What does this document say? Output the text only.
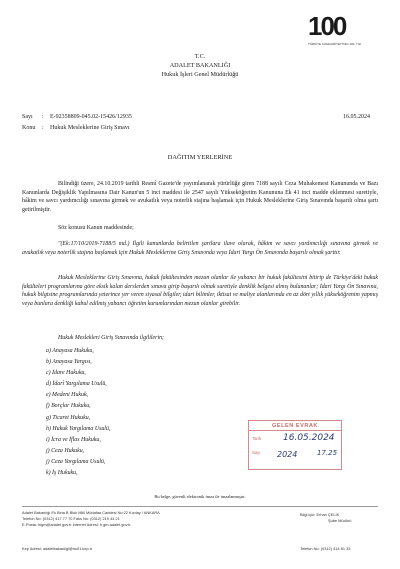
100
TÜRKİYE CUMHURİYETİ'NİN 100. YILI
T.C.
ADALET BAKANLIĞI
Hukuk İşleri Genel Müdürlüğü
Sayı : E-92358809-045.02-15426/12935
Konu : Hukuk Mesleklerine Giriş Sınavı
16.05.2024
DAĞITIM YERLERİNE
Bilindiği üzere, 24.10.2019 tarihli Resmî Gazete'de yayımlanarak yürürlüğe giren 7188 sayılı Ceza Muhakemesi Kanununda ve Bazı Kanunlarda Değişiklik Yapılmasına Dair Kanun'un 5 inci maddesi ile 2547 sayılı Yükseköğretim Kanununa Ek 41 inci madde eklenmesi suretiyle, hâkim ve savcı yardımcılığı sınavına girmek ve avukatlık veya noterlik stajına başlamak için Hukuk Mesleklerine Giriş Sınavında başarılı olma şartı getirilmiştir.
Söz konusu Kanun maddesinde;
"(Ek:17/10/2019-7188/5 md.) İlgili kanunlarda belirtilen şartlara ilave olarak, hâkim ve savcı yardımcılığı sınavına girmek ve avukatlık veya noterlik stajına başlamak için Hukuk Mesleklerine Giriş Sınavında veya İdari Yargı Ön Sınavında başarılı olmak şarttır.
Hukuk Mesleklerine Giriş Sınavına, hukuk fakültesinden mezun olanlar ile yabancı bir hukuk fakültesini bitirip de Türkiye'deki hukuk fakülteleri programlarına göre eksik kalan derslerden sınava girip başarılı olmak suretiyle denklik belgesi almış bulunanlar; İdari Yargı Ön Sınavına, hukuk bilgisine programlarında yeterince yer veren siyasal bilgiler, idari bilimler, iktisat ve maliye alanlarında en az dört yıllık yükseköğrenim yapmış veya bunlara denkliği kabul edilmiş yabancı öğretim kurumlarından mezun olanlar girebilir.
Hukuk Meslekleri Giriş Sınavında ilgililerin;
a) Anayasa Hukuku,
b) Anayasa Yargısı,
c) İdare Hukuku,
d) İdarî Yargılama Usulü,
e) Medeni Hukuk,
f) Borçlar Hukuku,
g) Ticaret Hukuku,
h) Hukuk Yargılama Usulü,
i) İcra ve İflas Hukuku,
j) Ceza Hukuku,
j) Ceza Yargılama Usulü,
k) İş Hukuku,
GELEN EVRAK
Tarih
Sayı
16.05.2024
2024	17.25
Bu belge, güvenli elektronik imza ile imzalanmıştır.
Adalet Bakanlığı Ek Bina B Blok Milli Müdafaa Caddesi No:22 Kızılay / ANKARA
Telefon No: (0312) 417 77 70 Faks No: (0312) 219 44 21
E-Posta: higm@adalet.gov.tr İnternet Adresi: h.gm.adalet.gov.tr
Bilgi için: Erhan ÇELİK
Şube Müdürü
Kep Adresi: adaletbakanligi@hs01.kep.tr	Telefon No: (0312) 414 81 33
